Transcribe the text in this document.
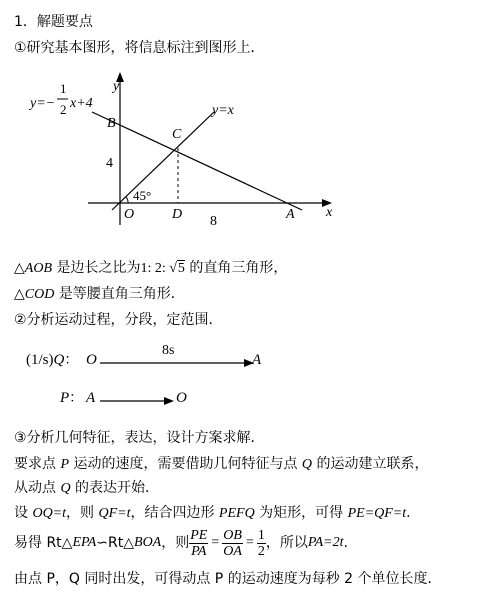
1．解题要点
①研究基本图形，将信息标注到图形上．
y
x
y=−
1
2 x+4	y=x
B
C
4
45°
O	D 8	A
△AOB 是边长之比为1: 2: √5 的直角三角形，
△COD 是等腰直角三角形．
②分析运动过程，分段，定范围．
(1/s)Q： O
8s
A
P： A	O
③分析几何特征，表达，设计方案求解．
要求点 P 运动的速度，需要借助几何特征与点 Q 的运动建立联系，
从动点 Q 的表达开始．
设 OQ=t，则 QF=t，结合四边形 PEFQ 为矩形，可得 PE=QF=t.
易得 Rt△ EPA ∽Rt△ BOA ，则 $\frac{PE}{PA} = \frac{OB}{OA} = \frac{1}{2}$ ，所以 PA=2t .
由点 P，Q 同时出发，可得动点 P 的运动速度为每秒 2 个单位长度．
